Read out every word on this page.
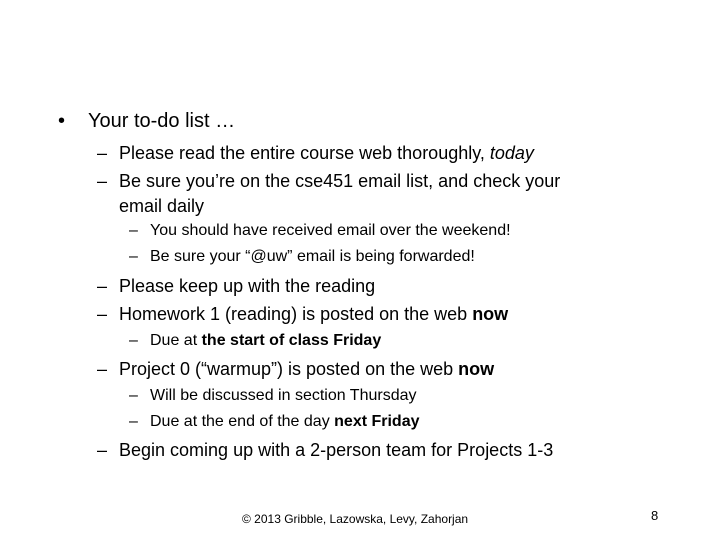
• Your to-do list …
– Please read the entire course web thoroughly, today
– Be sure you’re on the cse451 email list, and check your
email daily
– You should have received email over the weekend!
– Be sure your “@uw” email is being forwarded!
– Please keep up with the reading
– Homework 1 (reading) is posted on the web now
– Due at the start of class Friday
– Project 0 (“warmup”) is posted on the web now
– Will be discussed in section Thursday
– Due at the end of the day next Friday
– Begin coming up with a 2-person team for Projects 1-3
© 2013 Gribble, Lazowska, Levy, Zahorjan	8
